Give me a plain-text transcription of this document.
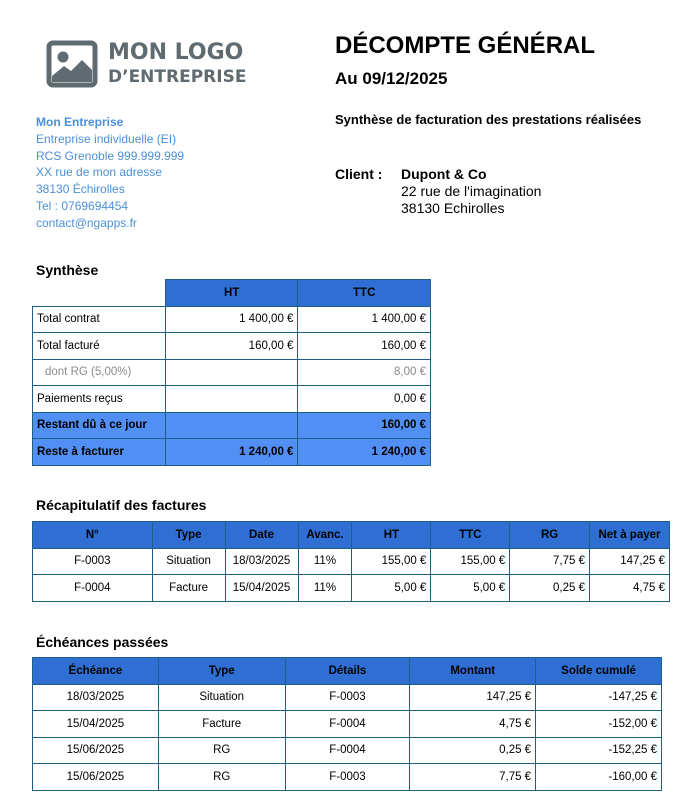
MON LOGO
D’ENTREPRISE
Mon Entreprise
Entreprise individuelle (EI)
RCS Grenoble 999.999.999
XX rue de mon adresse
38130 Échirolles
Tel : 0769694454
contact@ngapps.fr
DÉCOMPTE GÉNÉRAL
Au 09/12/2025
Synthèse de facturation des prestations réalisées
Client :	Dupont & Co
22 rue de l'imagination
38130 Echirolles
Synthèse
	HT	TTC
Total contrat	1 400,00 €	1 400,00 €
Total facturé	160,00 €	160,00 €
dont RG (5,00%)		8,00 €
Paiements reçus		0,00 €
Restant dû à ce jour		160,00 €
Reste à facturer	1 240,00 €	1 240,00 €
Récapitulatif des factures
N°	Type	Date	Avanc.	HT	TTC	RG	Net à payer
F-0003	Situation	18/03/2025	11%	155,00 €	155,00 €	7,75 €	147,25 €
F-0004	Facture	15/04/2025	11%	5,00 €	5,00 €	0,25 €	4,75 €
Échéances passées
Échéance	Type	Détails	Montant	Solde cumulé
18/03/2025	Situation	F-0003	147,25 €	-147,25 €
15/04/2025	Facture	F-0004	4,75 €	-152,00 €
15/06/2025	RG	F-0004	0,25 €	-152,25 €
15/06/2025	RG	F-0003	7,75 €	-160,00 €
